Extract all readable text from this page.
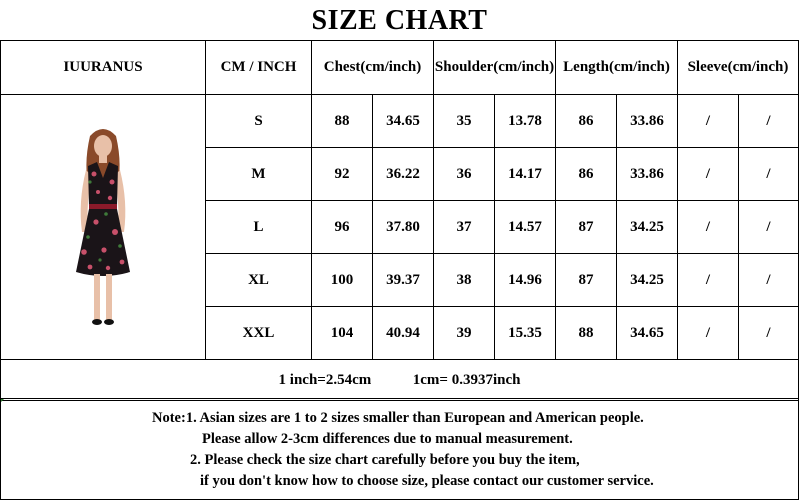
SIZE CHART
IUURANUS	CM / INCH	Chest(cm/inch)		Shoulder(cm/inch)		Length(cm/inch)		Sleeve(cm/inch)	

	S	88	34.65	35	13.78	86	33.86	/	/
	M	92	36.22	36	14.17	86	33.86	/	/
	L	96	37.80	37	14.57	87	34.25	/	/
	XL	100	39.37	38	14.96	87	34.25	/	/
	XXL	104	40.94	39	15.35	88	34.65	/	/
1 inch=2.54cm 1cm= 0.3937inch									
Note:1. Asian sizes are 1 to 2 sizes smaller than European and American people.
Please allow 2-3cm differences due to manual measurement.
2. Please check the size chart carefully before you buy the item,
if you don't know how to choose size, please contact our customer service.
